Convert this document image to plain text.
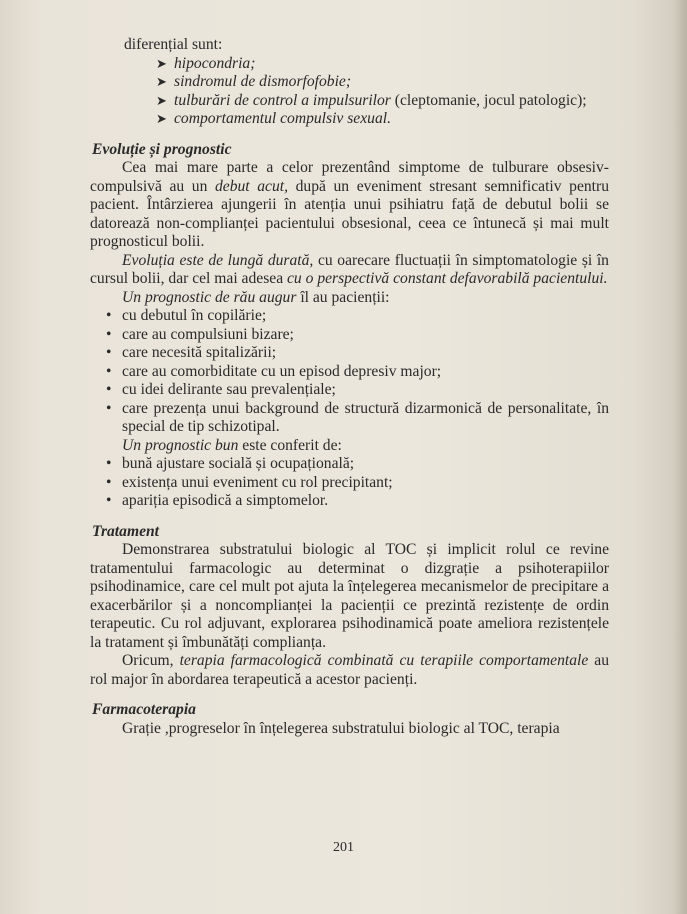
diferențial sunt:

➤ hipocondria;
➤ sindromul de dismorfofobie;
➤ tulburări de control a impulsurilor (cleptomanie, jocul patologic);
➤ comportamentul compulsiv sexual.

Evoluție și prognostic

Cea mai mare parte a celor prezentând simptome de tulburare obsesiv-compulsivă au un debut acut, după un eveniment stresant semnificativ pentru pacient. Întârzierea ajungerii în atenția unui psihiatru față de debutul bolii se datorează non-complianței pacientului obsesional, ceea ce întunecă și mai mult prognosticul bolii.

Evoluția este de lungă durată, cu oarecare fluctuații în simptomatologie și în cursul bolii, dar cel mai adesea cu o perspectivă constant defavorabilă pacientului.

Un prognostic de rău augur îl au pacienții:

• cu debutul în copilărie;
• care au compulsiuni bizare;
• care necesită spitalizării;
• care au comorbiditate cu un episod depresiv major;
• cu idei delirante sau prevalențiale;
• care prezența unui background de structură dizarmonică de personalitate, în special de tip schizotipal.

Un prognostic bun este conferit de:

• bună ajustare socială și ocupațională;
• existența unui eveniment cu rol precipitant;
• apariția episodică a simptomelor.

Tratament

Demonstrarea substratului biologic al TOC și implicit rolul ce revine tratamentului farmacologic au determinat o dizgrație a psihoterapiilor psihodinamice, care cel mult pot ajuta la înțelegerea mecanismelor de precipitare a exacerbărilor și a noncomplianței la pacienții ce prezintă rezistențe de ordin terapeutic. Cu rol adjuvant, explorarea psihodinamică poate ameliora rezistențele la tratament și îmbunătăți complianța.

Oricum, terapia farmacologică combinată cu terapiile comportamentale au rol major în abordarea terapeutică a acestor pacienți.

Farmacoterapia

Grație ,progreselor în înțelegerea substratului biologic al TOC, terapia

201
